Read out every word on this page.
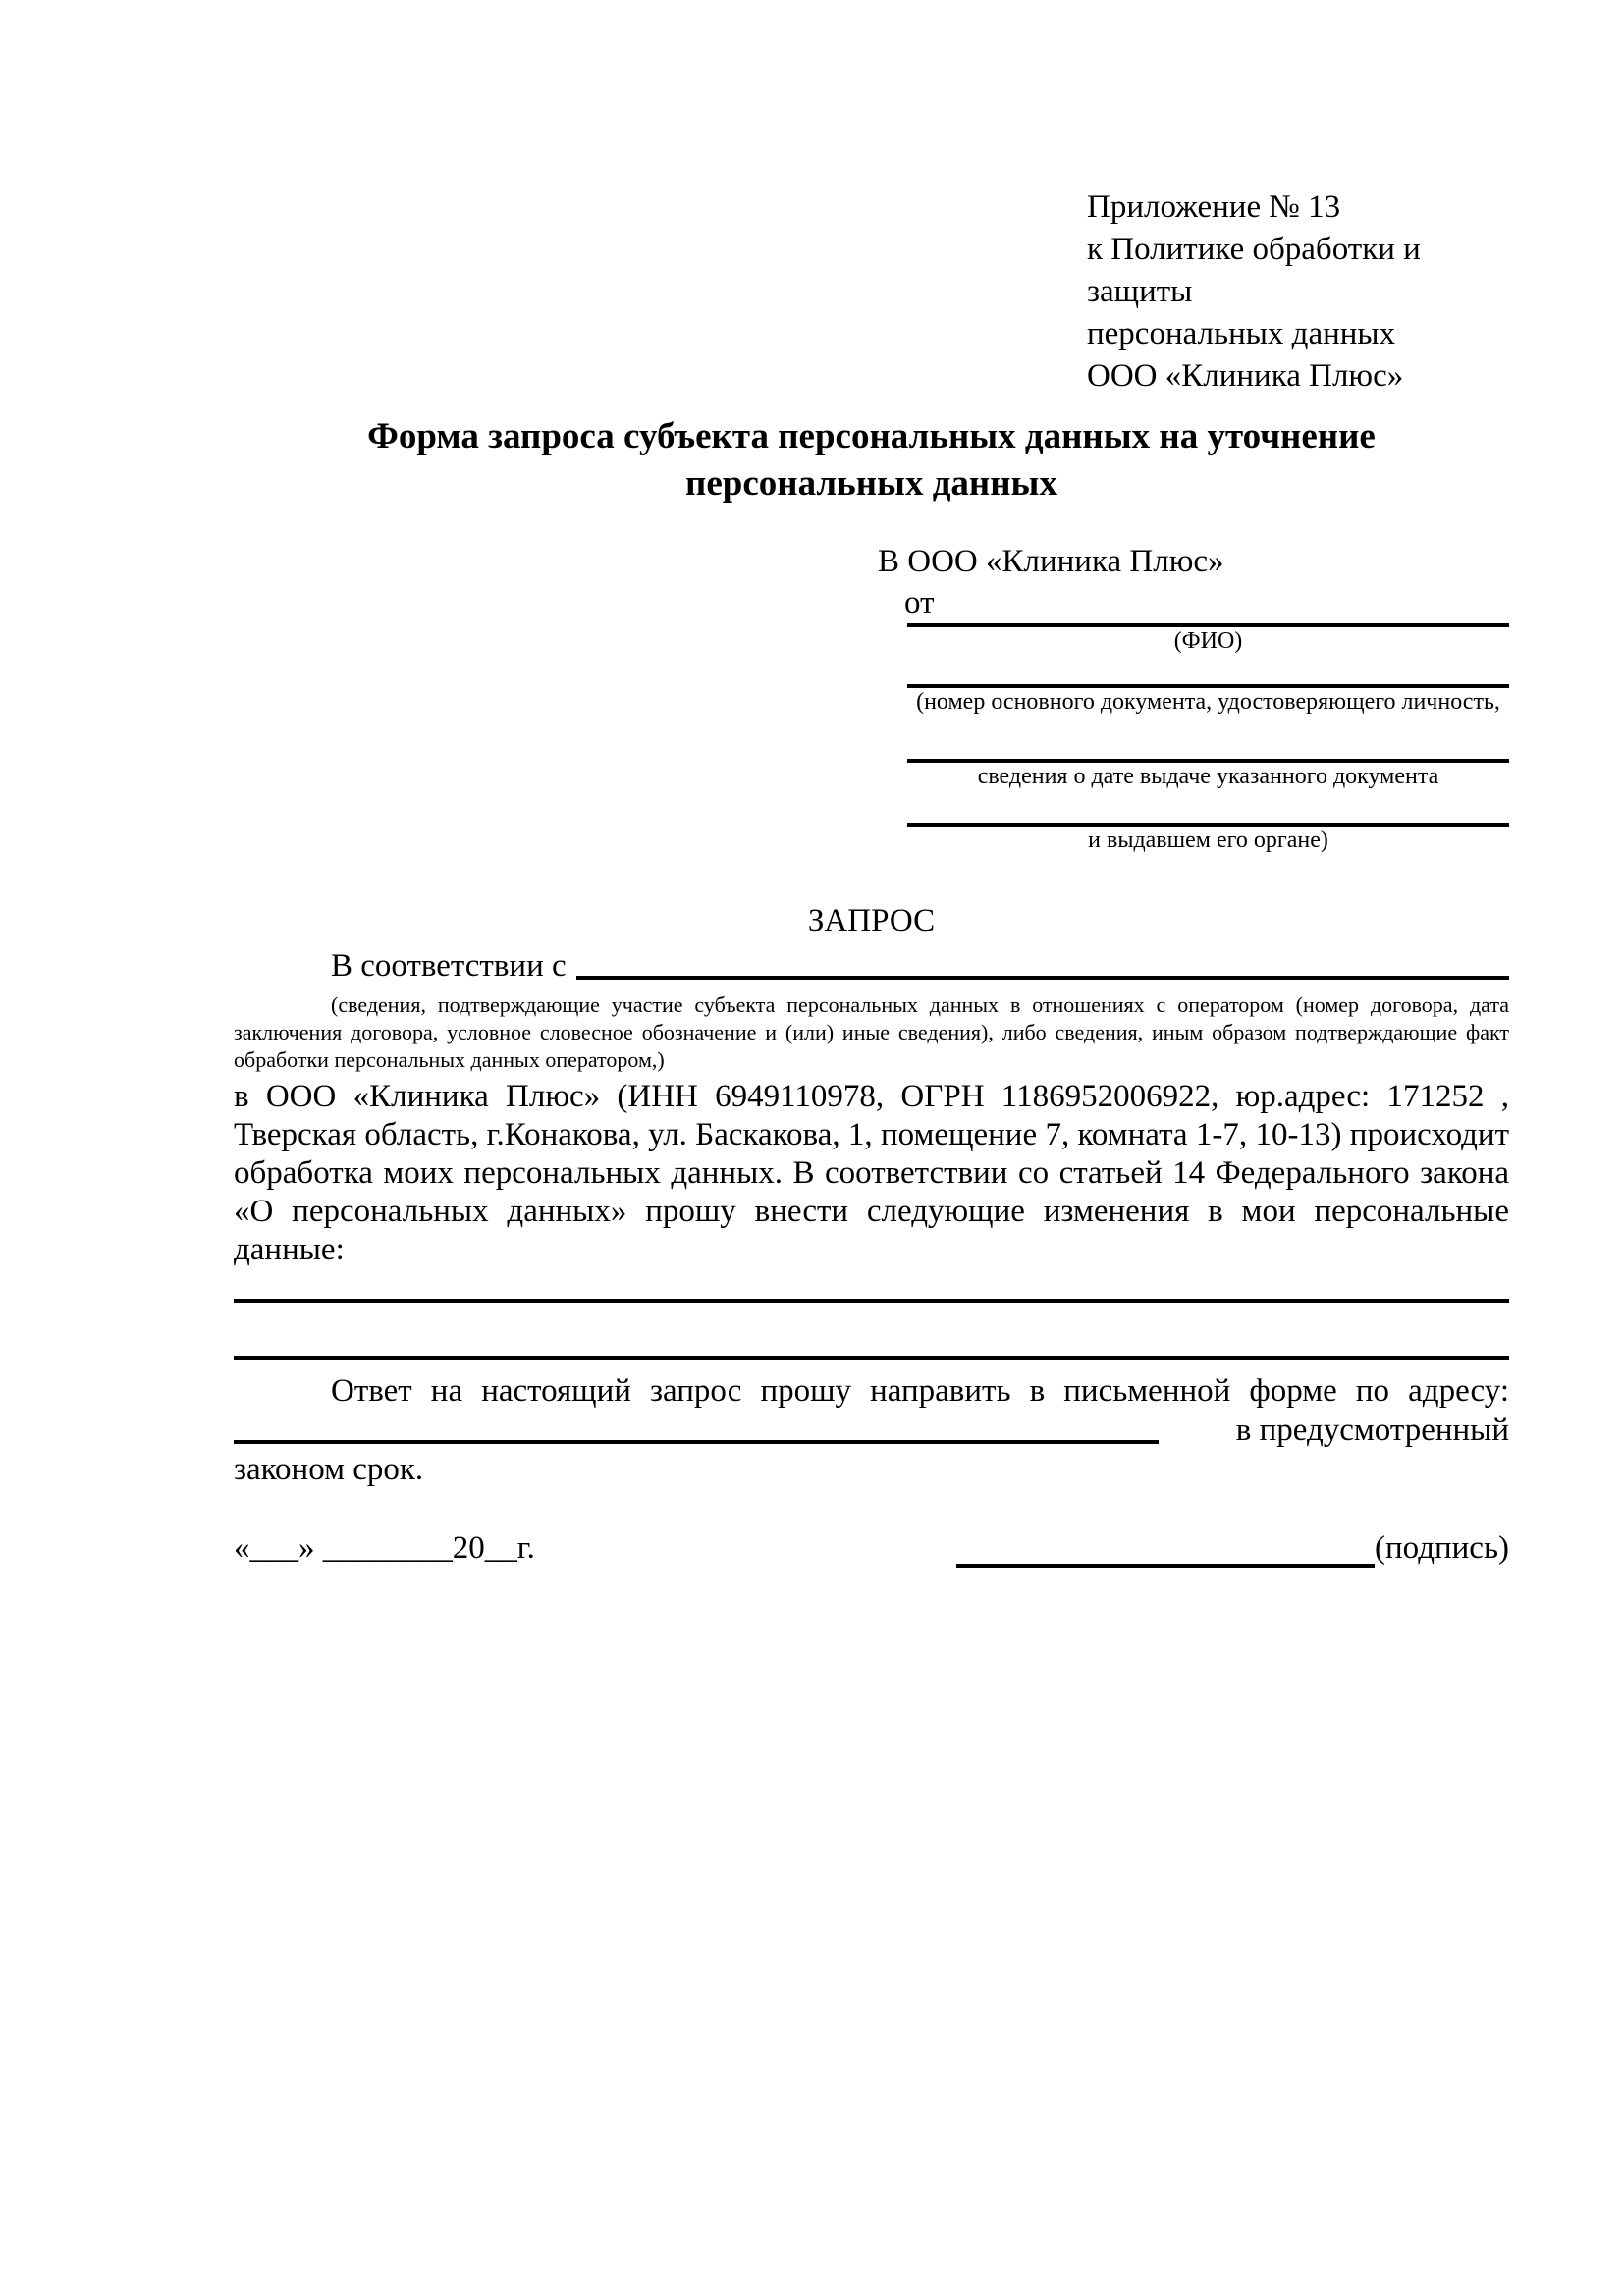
Приложение № 13
к Политике обработки и защиты
персональных данных
ООО «Клиника Плюс»
Форма запроса субъекта персональных данных на уточнение
персональных данных
В ООО «Клиника Плюс»
от
(ФИО)
(номер основного документа, удостоверяющего личность,
сведения о дате выдаче указанного документа
и выдавшем его органе)
ЗАПРОС
В соответствии с
(сведения, подтверждающие участие субъекта персональных данных в отношениях с оператором (номер договора, дата заключения договора, условное словесное обозначение и (или) иные сведения), либо сведения, иным образом подтверждающие факт обработки персональных данных оператором,)
в ООО «Клиника Плюс» (ИНН 6949110978, ОГРН 1186952006922, юр.адрес: 171252 , Тверская область, г.Конакова, ул. Баскакова, 1, помещение 7, комната 1-7, 10-13) происходит обработка моих персональных данных. В соответствии со статьей 14 Федерального закона «О персональных данных» прошу внести следующие изменения в мои персональные данные:
Ответ на настоящий запрос прошу направить в письменной форме по адресу:
в предусмотренный
законом срок.
«___» ________20__г.	(подпись)
